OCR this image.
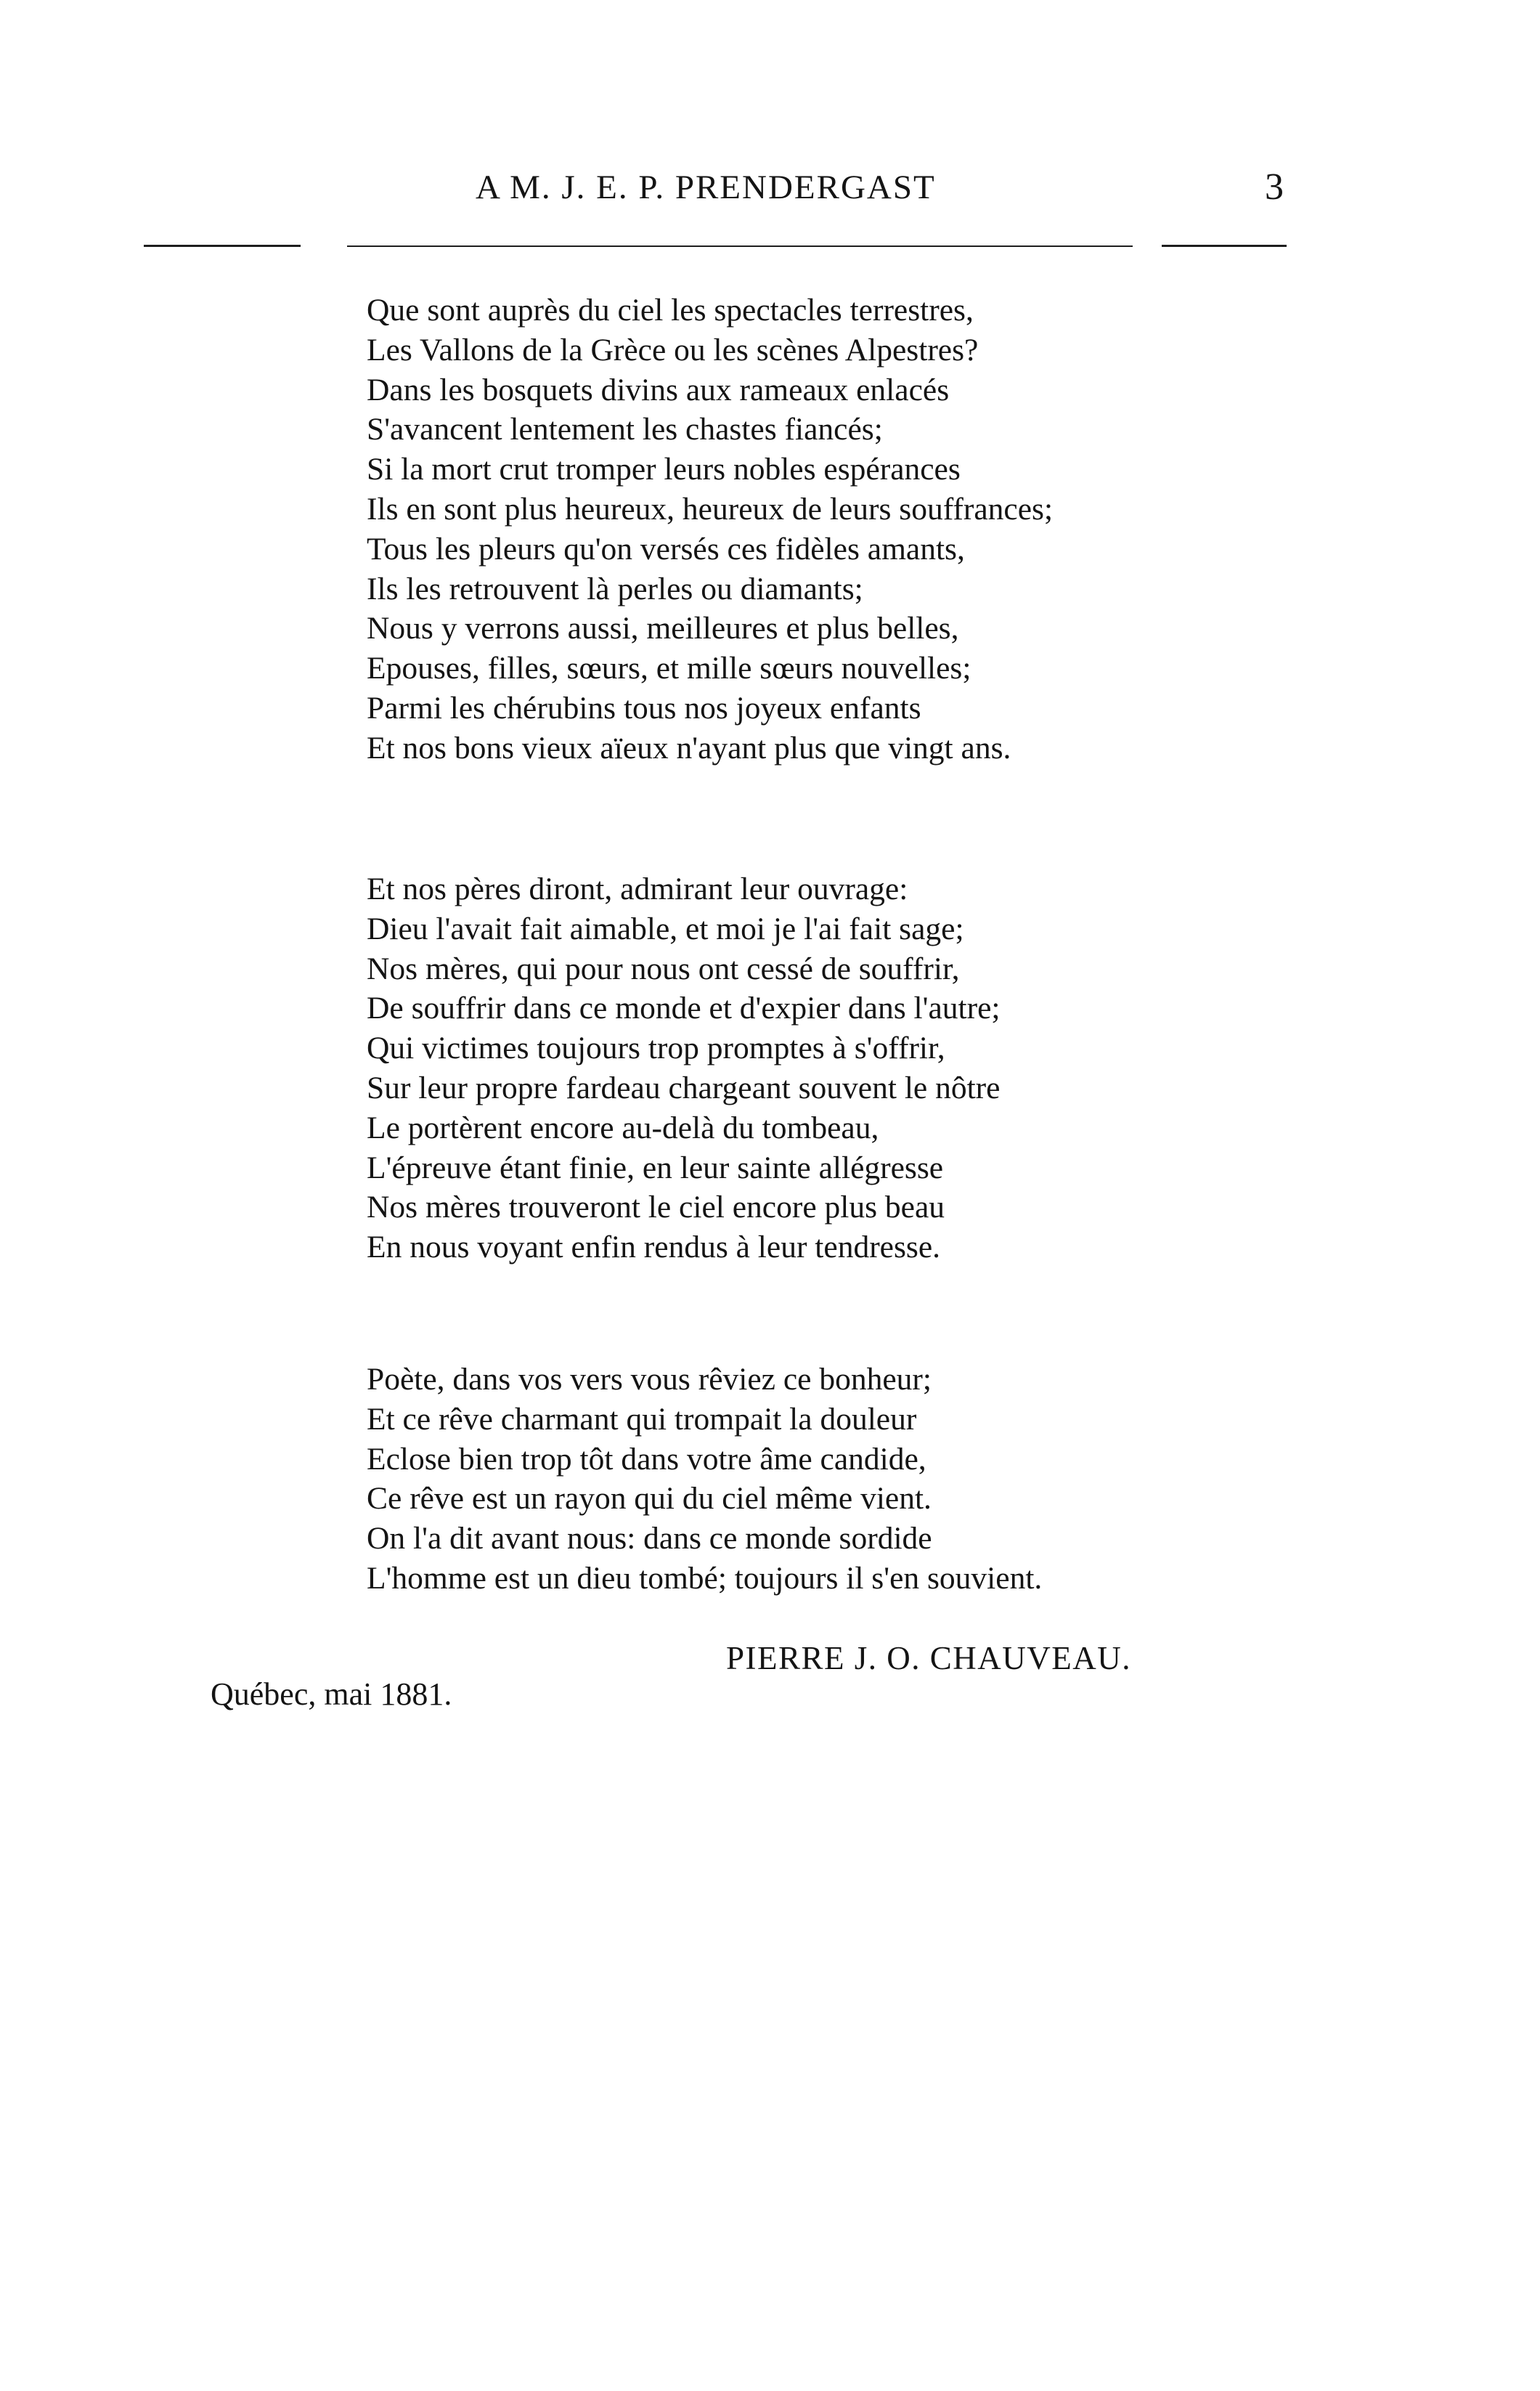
A M. J. E. P. PRENDERGAST	3
Que sont auprès du ciel les spectacles terrestres,
Les Vallons de la Grèce ou les scènes Alpestres?
Dans les bosquets divins aux rameaux enlacés
S'avancent lentement les chastes fiancés;
Si la mort crut tromper leurs nobles espérances
Ils en sont plus heureux, heureux de leurs souffrances;
Tous les pleurs qu'on versés ces fidèles amants,
Ils les retrouvent là perles ou diamants;
Nous y verrons aussi, meilleures et plus belles,
Epouses, filles, sœurs, et mille sœurs nouvelles;
Parmi les chérubins tous nos joyeux enfants
Et nos bons vieux aïeux n'ayant plus que vingt ans.
Et nos pères diront, admirant leur ouvrage:
Dieu l'avait fait aimable, et moi je l'ai fait sage;
Nos mères, qui pour nous ont cessé de souffrir,
De souffrir dans ce monde et d'expier dans l'autre;
Qui victimes toujours trop promptes à s'offrir,
Sur leur propre fardeau chargeant souvent le nôtre
Le portèrent encore au-delà du tombeau,
L'épreuve étant finie, en leur sainte allégresse
Nos mères trouveront le ciel encore plus beau
En nous voyant enfin rendus à leur tendresse.
Poète, dans vos vers vous rêviez ce bonheur;
Et ce rêve charmant qui trompait la douleur
Eclose bien trop tôt dans votre âme candide,
Ce rêve est un rayon qui du ciel même vient.
On l'a dit avant nous: dans ce monde sordide
L'homme est un dieu tombé; toujours il s'en souvient.
PIERRE J. O. CHAUVEAU.
Québec, mai 1881.
